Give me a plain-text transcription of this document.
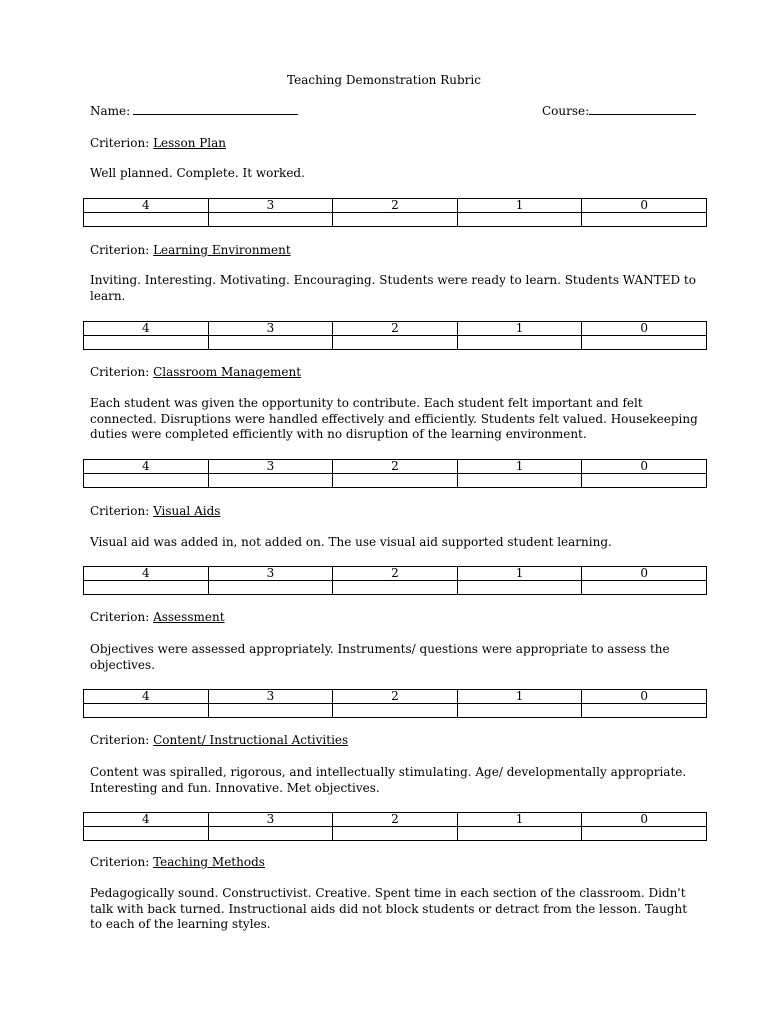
Teaching Demonstration Rubric
Name:	Course:
Criterion: Lesson Plan
Well planned. Complete. It worked.
4	3	2	1	0

Criterion: Learning Environment
Inviting. Interesting. Motivating. Encouraging. Students were ready to learn. Students WANTED to learn.
4	3	2	1	0

Criterion: Classroom Management
Each student was given the opportunity to contribute. Each student felt important and felt connected. Disruptions were handled effectively and efficiently. Students felt valued. Housekeeping duties were completed efficiently with no disruption of the learning environment.
4	3	2	1	0

Criterion: Visual Aids
Visual aid was added in, not added on. The use visual aid supported student learning.
4	3	2	1	0

Criterion: Assessment
Objectives were assessed appropriately. Instruments/ questions were appropriate to assess the objectives.
4	3	2	1	0

Criterion: Content/ Instructional Activities
Content was spiralled, rigorous, and intellectually stimulating. Age/ developmentally appropriate. Interesting and fun. Innovative. Met objectives.
4	3	2	1	0

Criterion: Teaching Methods
Pedagogically sound. Constructivist. Creative. Spent time in each section of the classroom. Didn't talk with back turned. Instructional aids did not block students or detract from the lesson. Taught to each of the learning styles.
